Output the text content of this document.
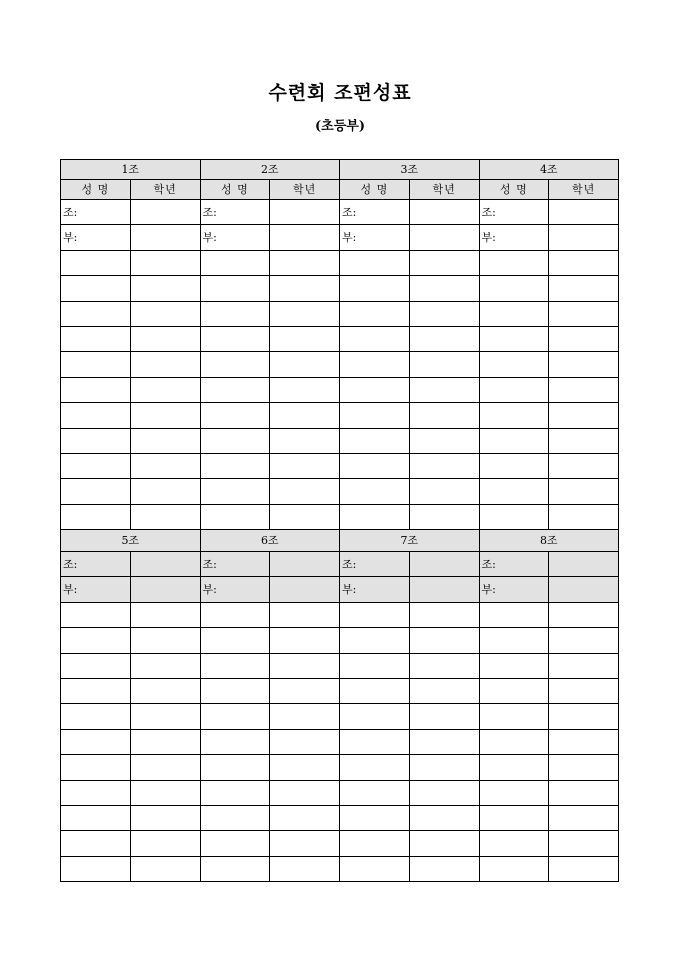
수련회 조편성표
(초등부)
1조		2조		3조		4조	
성 명	학년	성 명	학년	성 명	학년	성 명	학년
조:		조:		조:		조:	
부:		부:		부:		부:	

5조		6조		7조		8조	
조:		조:		조:		조:	
부:		부:		부:		부:	
